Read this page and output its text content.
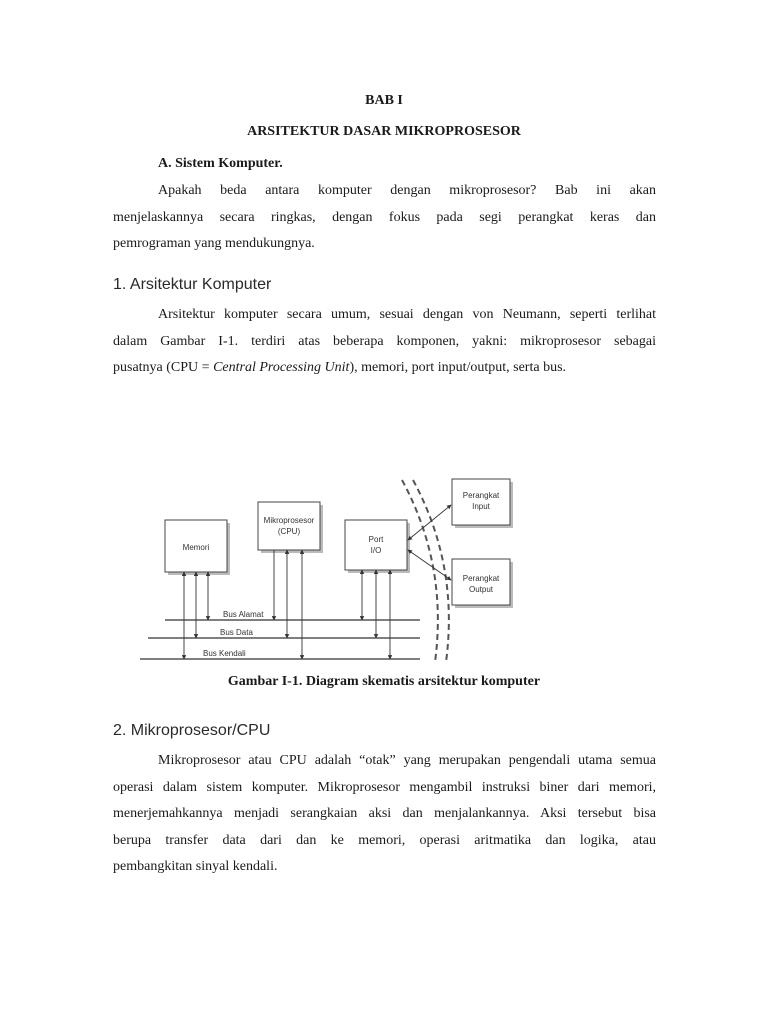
BAB I
ARSITEKTUR DASAR MIKROPROSESOR
A. Sistem Komputer.
Apakah beda antara komputer dengan mikroprosesor? Bab ini akan
menjelaskannya secara ringkas, dengan fokus pada segi perangkat keras dan
pemrograman yang mendukungnya.
1. Arsitektur Komputer
Arsitektur komputer secara umum, sesuai dengan von Neumann, seperti terlihat
dalam Gambar I-1. terdiri atas beberapa komponen, yakni: mikroprosesor sebagai
pusatnya (CPU = Central Processing Unit), memori, port input/output, serta bus.
Memori
Mikroprosesor
(CPU)
Port
I/O
Perangkat
Input
Perangkat
Output
Bus Alamat
Bus Data
Bus Kendali
Gambar I-1. Diagram skematis arsitektur komputer
2. Mikroprosesor/CPU
Mikroprosesor atau CPU adalah “otak” yang merupakan pengendali utama semua
operasi dalam sistem komputer. Mikroprosesor mengambil instruksi biner dari memori,
menerjemahkannya menjadi serangkaian aksi dan menjalankannya. Aksi tersebut bisa
berupa transfer data dari dan ke memori, operasi aritmatika dan logika, atau
pembangkitan sinyal kendali.
